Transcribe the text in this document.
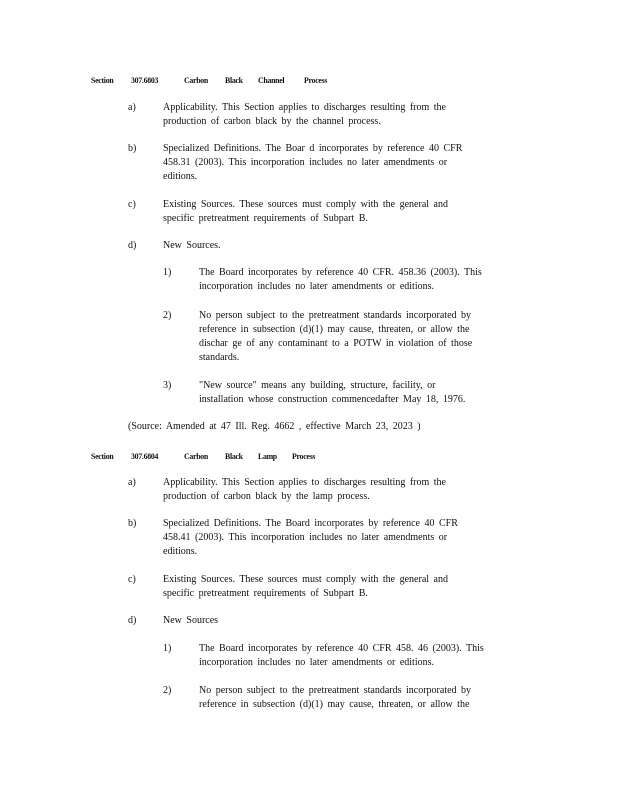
Section 307.6803	Carbon Black Channel Process
a)	Applicability. This Section applies to discharges resulting from the
production of carbon black by the channel process.
b)	Specialized Definitions. The Boar d incorporates by reference 40 CFR
458.31 (2003). This incorporation includes no later amendments or
editions.
c)	Existing Sources. These sources must comply with the general and
specific pretreatment requirements of Subpart B.
d)	New Sources.
1)	The Board incorporates by reference 40 CFR. 458.36 (2003). This
incorporation includes no later amendments or editions.
2)	No person subject to the pretreatment standards incorporated by
reference in subsection (d)(1) may cause, threaten, or allow the
dischar ge of any contaminant to a POTW in violation of those
standards.
3)	"New source" means any building, structure, facility, or
installation whose construction commencedafter May 18, 1976.
(Source: Amended at 47 Ill. Reg. 4662 , effective March 23, 2023 )
Section 307.6804	Carbon Black Lamp Process
a)	Applicability. This Section applies to discharges resulting from the
production of carbon black by the lamp process.
b)	Specialized Definitions. The Board incorporates by reference 40 CFR
458.41 (2003). This incorporation includes no later amendments or
editions.
c)	Existing Sources. These sources must comply with the general and
specific pretreatment requirements of Subpart B.
d)	New Sources
1)	The Board incorporates by reference 40 CFR 458. 46 (2003). This
incorporation includes no later amendments or editions.
2)	No person subject to the pretreatment standards incorporated by
reference in subsection (d)(1) may cause, threaten, or allow the
